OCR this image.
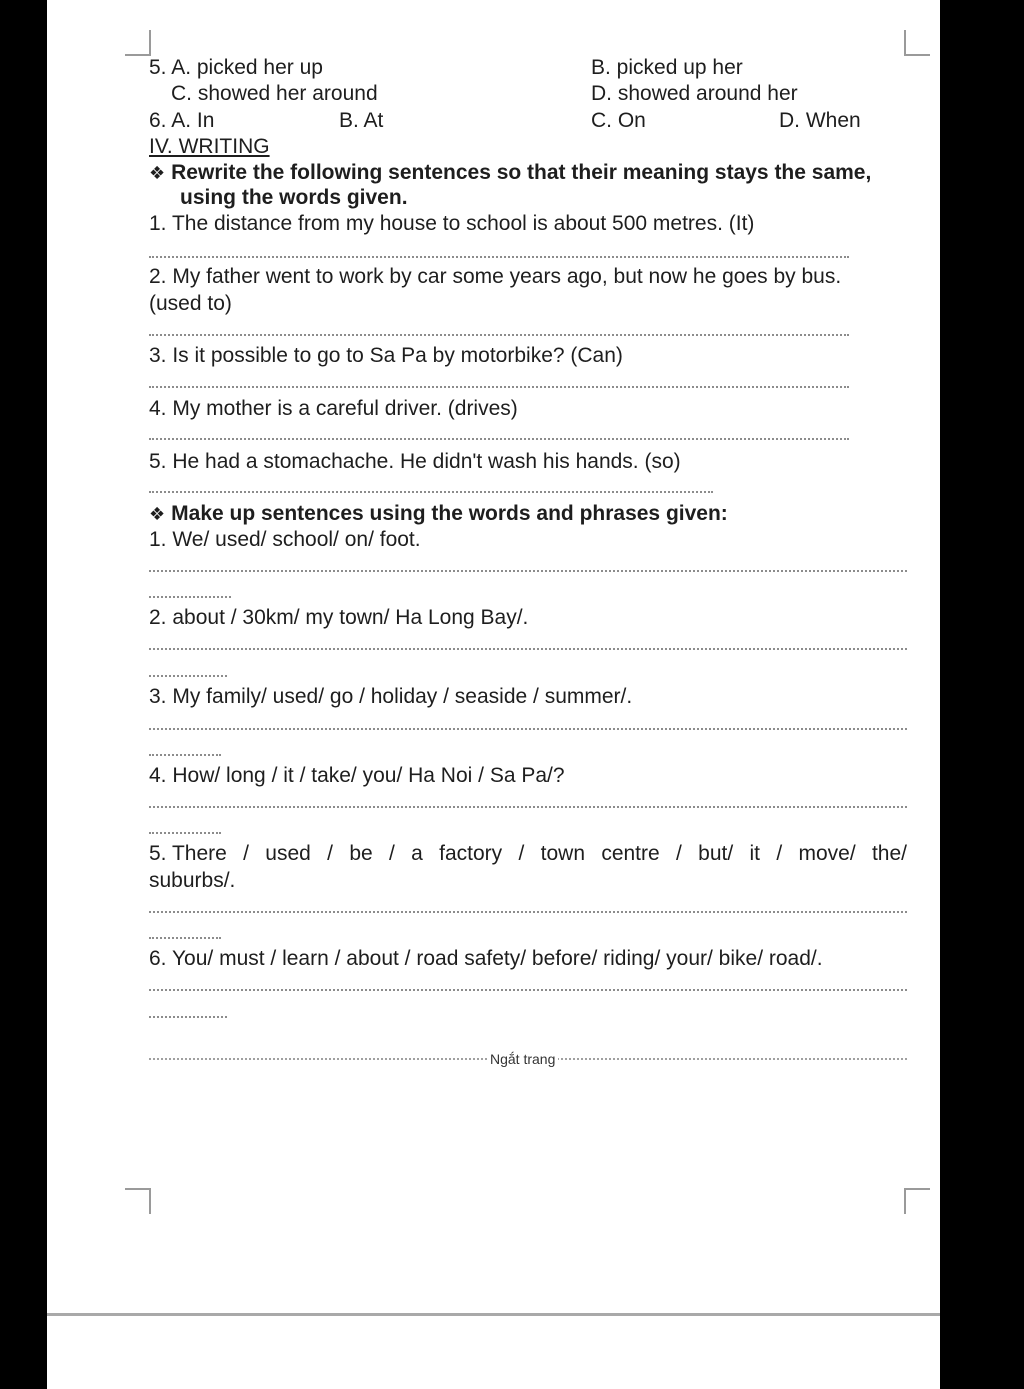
5. A. picked her up	B. picked up her
C. showed her around	D. showed around her
6. A. In	B. At	C. On	D. When
IV. WRITING
❖ Rewrite the following sentences so that their meaning stays the same,
using the words given.
1. The distance from my house to school is about 500 metres. (It)
2. My father went to work by car some years ago, but now he goes by bus.
(used to)
3. Is it possible to go to Sa Pa by motorbike? (Can)
4. My mother is a careful driver. (drives)
5. He had a stomachache. He didn't wash his hands. (so)
❖ Make up sentences using the words and phrases given:
1. We/ used/ school/ on/ foot.
2. about / 30km/ my town/ Ha Long Bay/.
3. My family/ used/ go / holiday / seaside / summer/.
4. How/ long / it / take/ you/ Ha Noi / Sa Pa/?
5. There / used / be / a factory / town centre / but/ it / move/ the/
suburbs/.
6. You/ must / learn / about / road safety/ before/ riding/ your/ bike/ road/.
Ngắt trang
